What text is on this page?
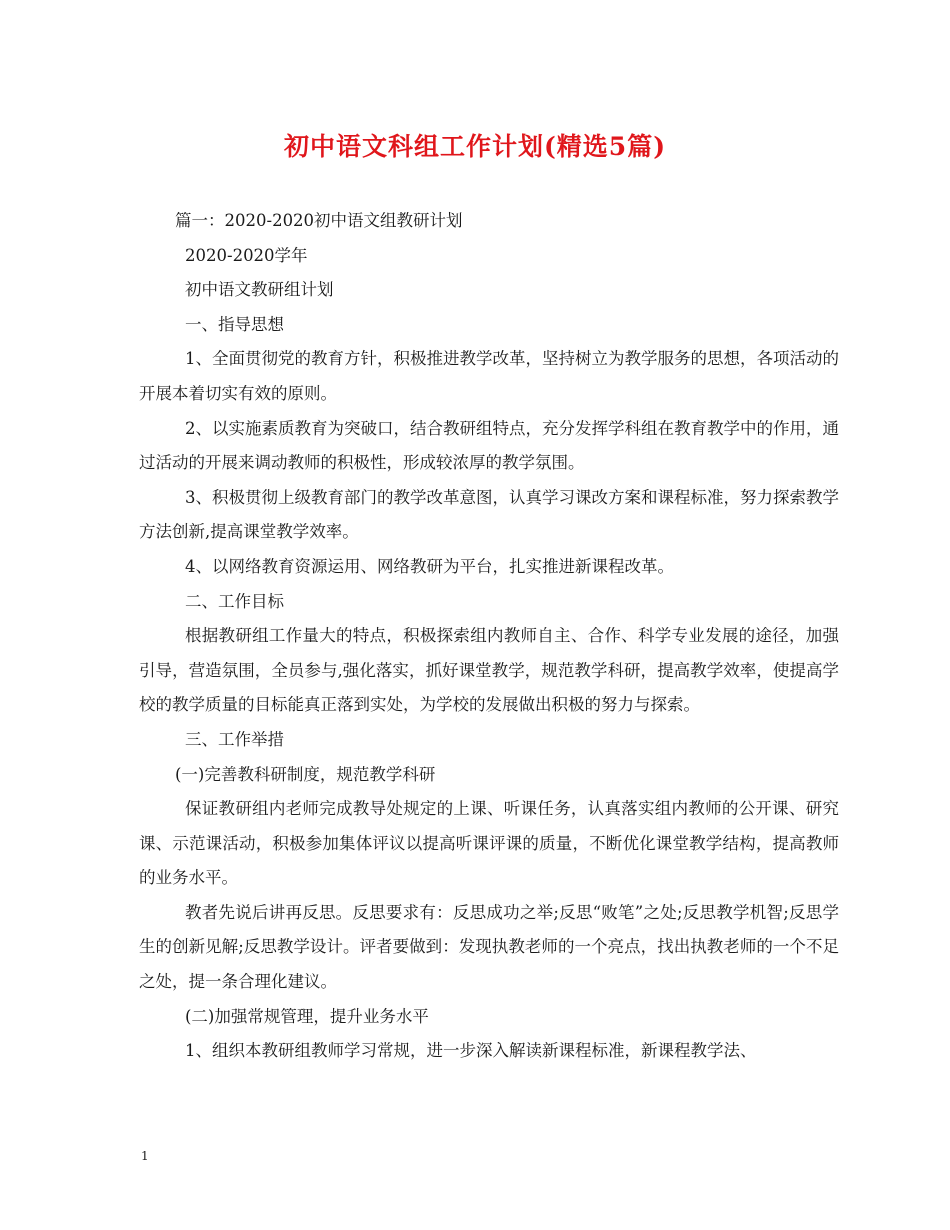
初中语文科组工作计划(精选5篇)

篇一：2020-2020初中语文组教研计划

2020-2020学年

初中语文教研组计划

一、指导思想

1、全面贯彻党的教育方针，积极推进教学改革，坚持树立为教学服务的思想，各项活动的开展本着切实有效的原则。

2、以实施素质教育为突破口，结合教研组特点，充分发挥学科组在教育教学中的作用，通过活动的开展来调动教师的积极性，形成较浓厚的教学氛围。

3、积极贯彻上级教育部门的教学改革意图，认真学习课改方案和课程标准，努力探索教学方法创新,提高课堂教学效率。

4、以网络教育资源运用、网络教研为平台，扎实推进新课程改革。

二、工作目标

根据教研组工作量大的特点，积极探索组内教师自主、合作、科学专业发展的途径，加强引导，营造氛围，全员参与,强化落实，抓好课堂教学，规范教学科研，提高教学效率，使提高学校的教学质量的目标能真正落到实处，为学校的发展做出积极的努力与探索。

三、工作举措

(一)完善教科研制度，规范教学科研

保证教研组内老师完成教导处规定的上课、听课任务，认真落实组内教师的公开课、研究课、示范课活动，积极参加集体评议以提高听课评课的质量，不断优化课堂教学结构，提高教师的业务水平。

教者先说后讲再反思。反思要求有：反思成功之举;反思“败笔”之处;反思教学机智;反思学生的创新见解;反思教学设计。评者要做到：发现执教老师的一个亮点，找出执教老师的一个不足之处，提一条合理化建议。

(二)加强常规管理，提升业务水平

1、组织本教研组教师学习常规，进一步深入解读新课程标准，新课程教学法、

1
